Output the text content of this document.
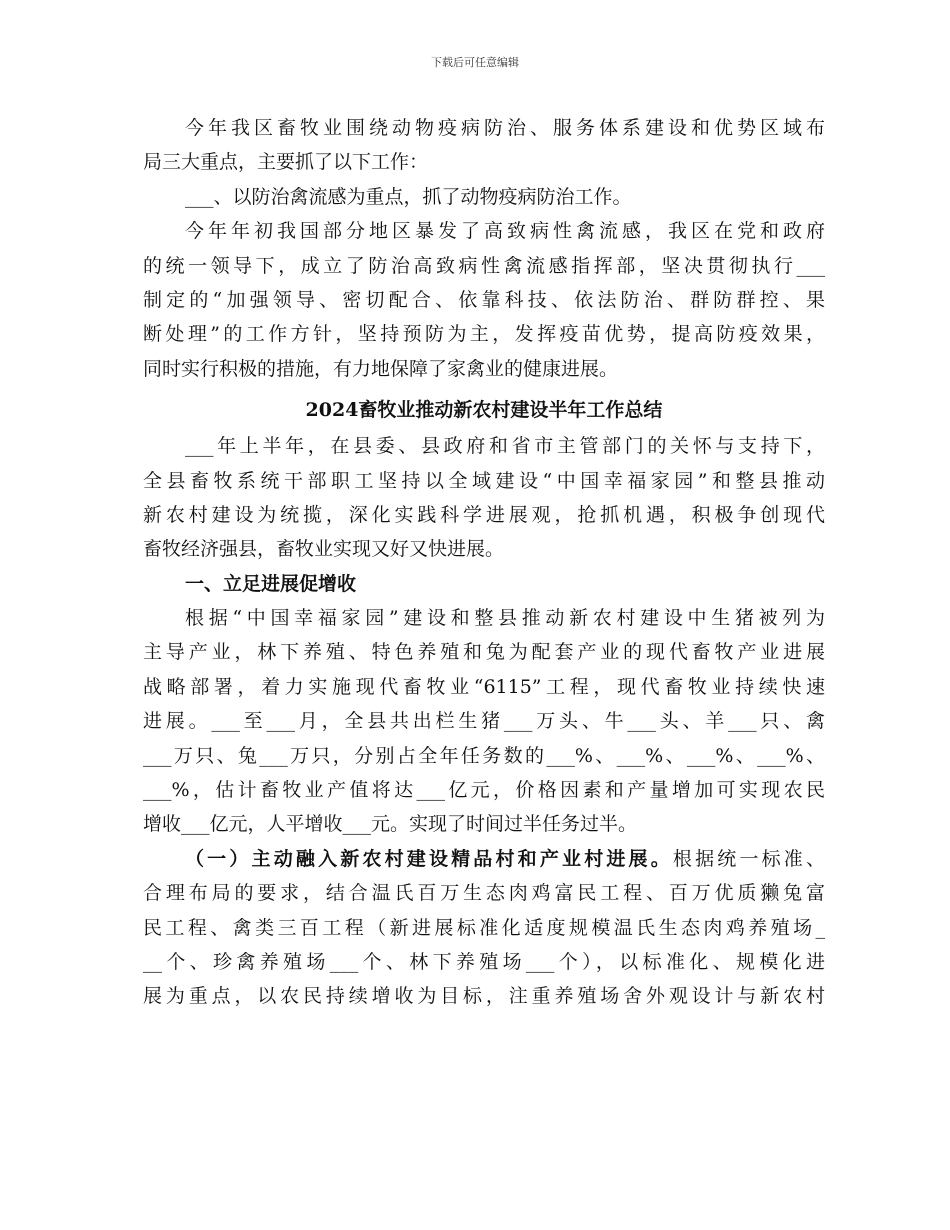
下载后可任意编辑
今年我区畜牧业围绕动物疫病防治、服务体系建设和优势区域布
局三大重点，主要抓了以下工作：
___、以防治禽流感为重点，抓了动物疫病防治工作。
今年年初我国部分地区暴发了高致病性禽流感，我区在党和政府
的统一领导下，成立了防治高致病性禽流感指挥部，坚决贯彻执行___
制定的“加强领导、密切配合、依靠科技、依法防治、群防群控、果
断处理”的工作方针，坚持预防为主，发挥疫苗优势，提高防疫效果，
同时实行积极的措施，有力地保障了家禽业的健康进展。
2024畜牧业推动新农村建设半年工作总结
___年上半年，在县委、县政府和省市主管部门的关怀与支持下，
全县畜牧系统干部职工坚持以全域建设“中国幸福家园”和整县推动
新农村建设为统揽，深化实践科学进展观，抢抓机遇，积极争创现代
畜牧经济强县，畜牧业实现又好又快进展。
一、立足进展促增收
根据“中国幸福家园”建设和整县推动新农村建设中生猪被列为
主导产业，林下养殖、特色养殖和兔为配套产业的现代畜牧产业进展
战略部署，着力实施现代畜牧业“6115”工程，现代畜牧业持续快速
进展。___至___月，全县共出栏生猪___万头、牛___头、羊___只、禽
___万只、兔___万只，分别占全年任务数的___%、___%、___%、___%、
___%，估计畜牧业产值将达___亿元，价格因素和产量增加可实现农民
增收___亿元，人平增收___元。实现了时间过半任务过半。
（一）主动融入新农村建设精品村和产业村进展。根据统一标准、
合理布局的要求，结合温氏百万生态肉鸡富民工程、百万优质獭兔富
民工程、禽类三百工程（新进展标准化适度规模温氏生态肉鸡养殖场_
__个、珍禽养殖场___个、林下养殖场___个），以标准化、规模化进
展为重点，以农民持续增收为目标，注重养殖场舍外观设计与新农村
